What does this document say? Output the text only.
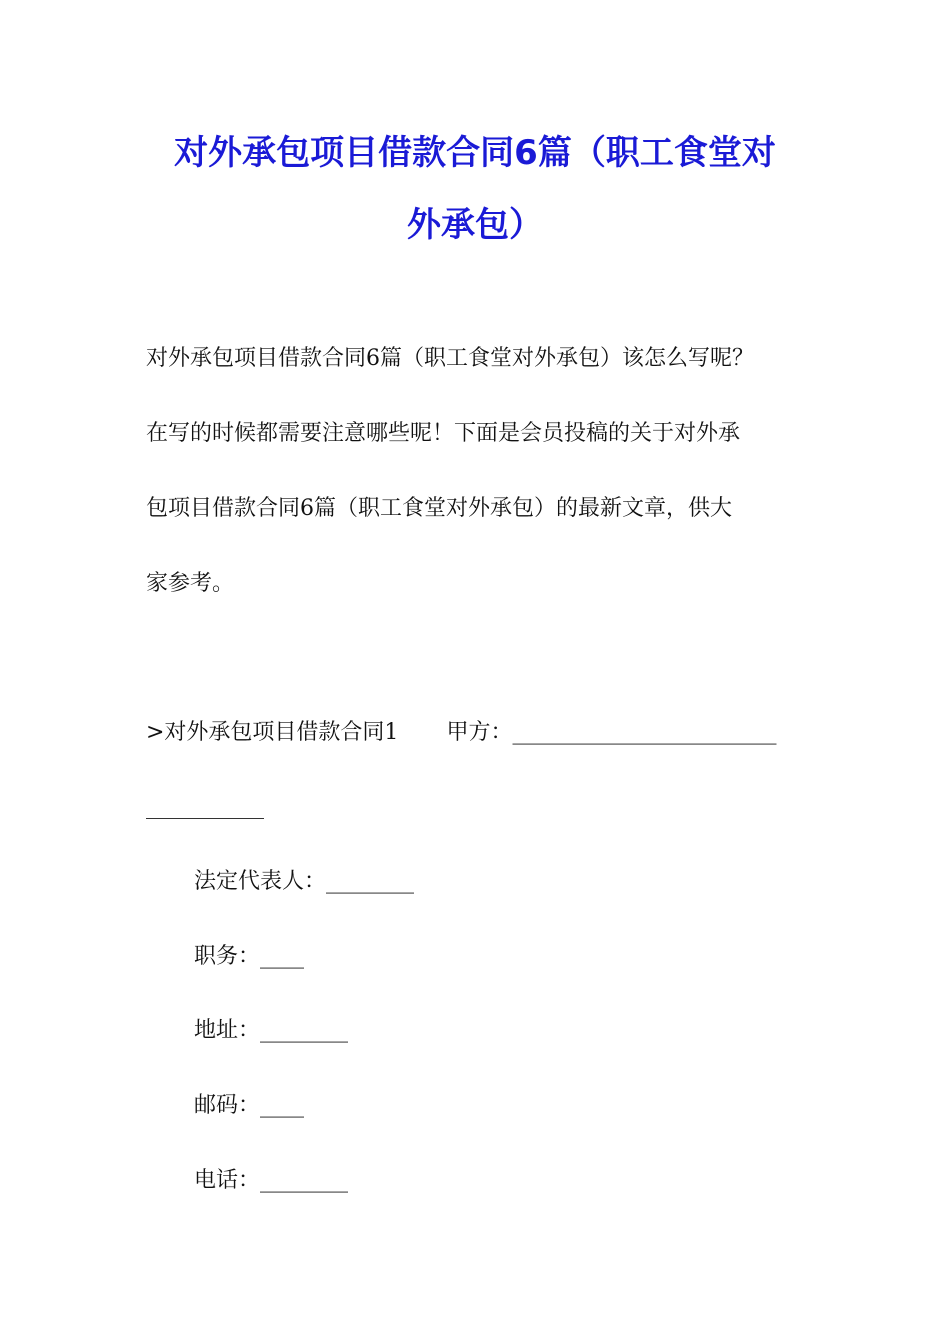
对外承包项目借款合同6篇（职工食堂对
外承包）
对外承包项目借款合同6篇（职工食堂对外承包）该怎么写呢？
在写的时候都需要注意哪些呢！下面是会员投稿的关于对外承
包项目借款合同6篇（职工食堂对外承包）的最新文章，供大
家参考。
>对外承包项目借款合同1 甲方：________________________
法定代表人：________
职务：____
地址：________
邮码：____
电话：________
